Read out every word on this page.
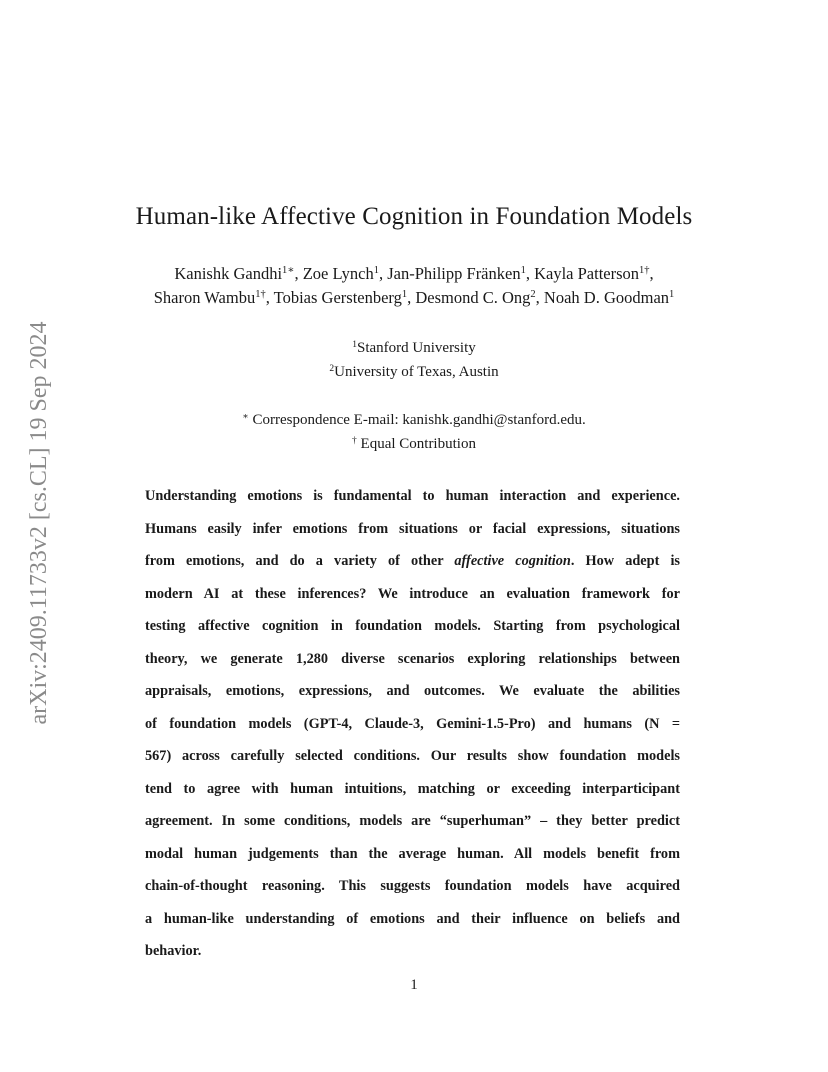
arXiv:2409.11733v2 [cs.CL] 19 Sep 2024
Human-like Affective Cognition in Foundation Models
Kanishk Gandhi$^{1∗}$, Zoe Lynch$^1$, Jan-Philipp Fränken$^1$, Kayla Patterson$^{1\dagger}$,
Sharon Wambu$^{1\dagger}$, Tobias Gerstenberg$^1$, Desmond C. Ong$^2$, Noah D. Goodman$^1$
$^1$Stanford University
$^2$University of Texas, Austin
∗ Correspondence E-mail: kanishk.gandhi@stanford.edu.
† Equal Contribution
Understanding emotions is fundamental to human interaction and experience.
Humans easily infer emotions from situations or facial expressions, situations
from emotions, and do a variety of other affective cognition. How adept is
modern AI at these inferences? We introduce an evaluation framework for
testing affective cognition in foundation models. Starting from psychological
theory, we generate 1,280 diverse scenarios exploring relationships between
appraisals, emotions, expressions, and outcomes. We evaluate the abilities
of foundation models (GPT-4, Claude-3, Gemini-1.5-Pro) and humans (N =
567) across carefully selected conditions. Our results show foundation models
tend to agree with human intuitions, matching or exceeding interparticipant
agreement. In some conditions, models are “superhuman” – they better predict
modal human judgements than the average human. All models benefit from
chain-of-thought reasoning. This suggests foundation models have acquired
a human-like understanding of emotions and their influence on beliefs and
behavior.
1
